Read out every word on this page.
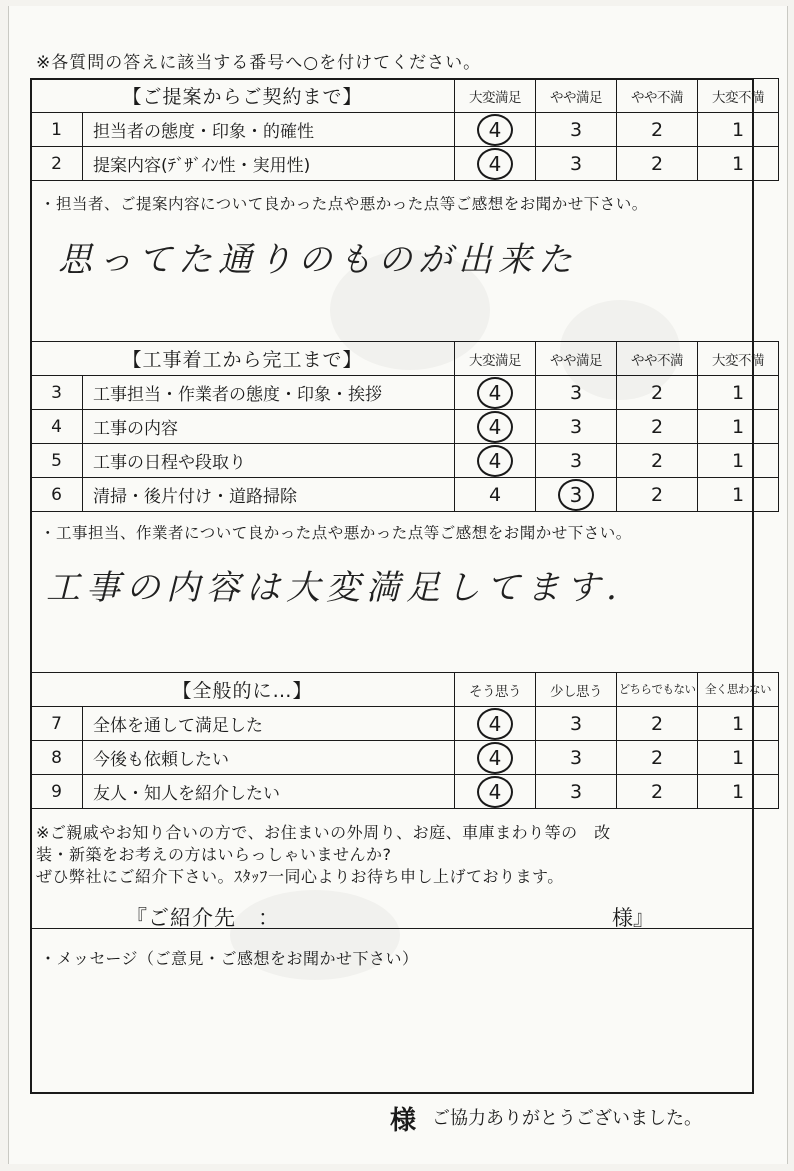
※各質問の答えに該当する番号へ○を付けてください。
【ご提案からご契約まで】		大変満足	やや満足	やや不満	大変不満
1	担当者の態度・印象・的確性	4	3	2	1
2	提案内容(ﾃﾞｻﾞｲﾝ性・実用性)	4	3	2	1
・担当者、ご提案内容について良かった点や悪かった点等ご感想をお聞かせ下さい。
思ってた通りのものが出来た
【工事着工から完工まで】		大変満足	やや満足	やや不満	大変不満
3	工事担当・作業者の態度・印象・挨拶	4	3	2	1
4	工事の内容	4	3	2	1
5	工事の日程や段取り	4	3	2	1
6	清掃・後片付け・道路掃除	4	3	2	1
・工事担当、作業者について良かった点や悪かった点等ご感想をお聞かせ下さい。
工事の内容は大変満足してます.
【全般的に…】		そう思う	少し思う	どちらでもない	全く思わない
7	全体を通して満足した	4	3	2	1
8	今後も依頼したい	4	3	2	1
9	友人・知人を紹介したい	4	3	2	1
※ご親戚やお知り合いの方で、お住まいの外周り、お庭、車庫まわり等の　改
装・新築をお考えの方はいらっしゃいませんか?
ぜひ弊社にご紹介下さい。ｽﾀｯﾌ一同心よりお待ち申し上げております。
『ご紹介先　：	様』
・メッセージ（ご意見・ご感想をお聞かせ下さい）
様 ご協力ありがとうございました。
